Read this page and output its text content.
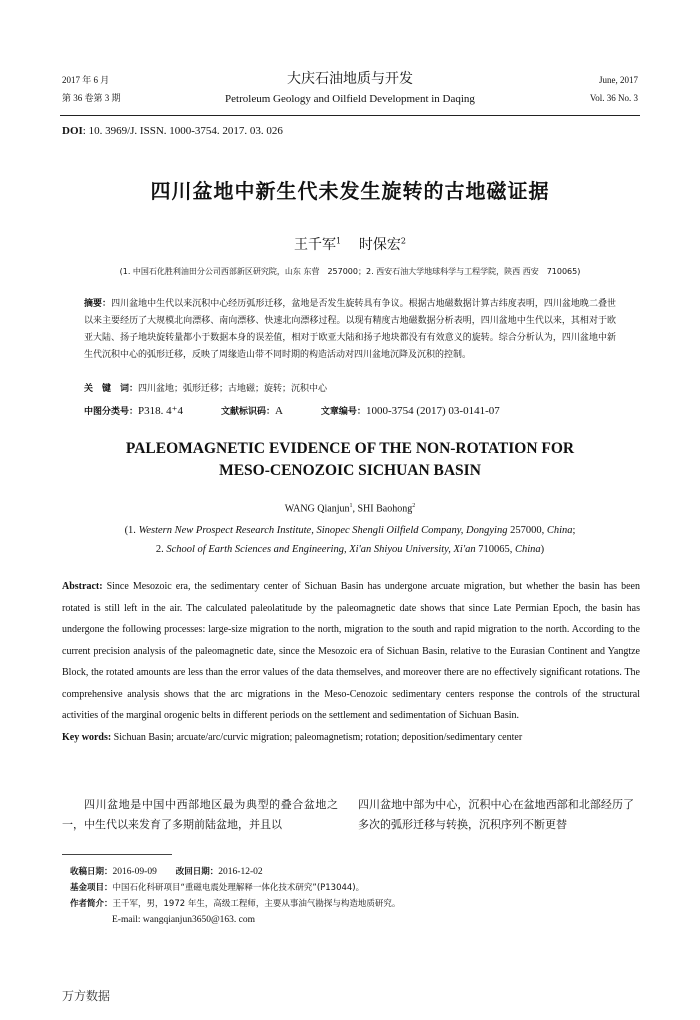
2017 年 6 月
第 36 卷第 3 期
大庆石油地质与开发
Petroleum Geology and Oilfield Development in Daqing
June, 2017
Vol. 36 No. 3
DOI: 10. 3969/J. ISSN. 1000-3754. 2017. 03. 026
四川盆地中新生代未发生旋转的古地磁证据
王千军$^1$ 时保宏$^2$
(1. 中国石化胜利油田分公司西部新区研究院，山东 东营　257000；2. 西安石油大学地球科学与工程学院，陕西 西安　710065)
摘要：四川盆地中生代以来沉积中心经历弧形迁移，盆地是否发生旋转具有争议。根据古地磁数据计算古纬度表明，四川盆地晚二叠世以来主要经历了大规模北向漂移、南向漂移、快速北向漂移过程。以现有精度古地磁数据分析表明，四川盆地中生代以来，其相对于欧亚大陆、扬子地块旋转量都小于数据本身的误差值，相对于欧亚大陆和扬子地块都没有有效意义的旋转。综合分析认为，四川盆地中新生代沉积中心的弧形迁移，反映了周缘造山带不同时期的构造活动对四川盆地沉降及沉积的控制。
关　键　词：四川盆地；弧形迁移；古地磁；旋转；沉积中心
中图分类号：P318. 4⁺4	文献标识码：A	文章编号：1000-3754 (2017) 03-0141-07
PALEOMAGNETIC EVIDENCE OF THE NON-ROTATION FOR
MESO-CENOZOIC SICHUAN BASIN
WANG Qianjun$^1$, SHI Baohong$^2$
(1. Western New Prospect Research Institute, Sinopec Shengli Oilfield Company, Dongying 257000, China;
2. School of Earth Sciences and Engineering, Xi'an Shiyou University, Xi'an 710065, China)
Abstract: Since Mesozoic era, the sedimentary center of Sichuan Basin has undergone arcuate migration, but whether the basin has been rotated is still left in the air. The calculated paleolatitude by the paleomagnetic date shows that since Late Permian Epoch, the basin has undergone the following processes: large-size migration to the north, migration to the south and rapid migration to the north. According to the current precision analysis of the paleomagnetic date, since the Mesozoic era of Sichuan Basin, relative to the Eurasian Continent and Yangtze Block, the rotated amounts are less than the error values of the data themselves, and moreover there are no effectively significant rotations. The comprehensive analysis shows that the arc migrations in the Meso-Cenozoic sedimentary centers response the controls of the structural activities of the marginal orogenic belts in different periods on the settlement and sedimentation of Sichuan Basin.
Key words: Sichuan Basin; arcuate/arc/curvic migration; paleomagnetism; rotation; deposition/sedimentary center
四川盆地是中国中西部地区最为典型的叠合盆地之一，中生代以来发育了多期前陆盆地，并且以
四川盆地中部为中心，沉积中心在盆地西部和北部经历了多次的弧形迁移与转换，沉积序列不断更替
收稿日期：2016-09-09 改回日期：2016-12-02
基金项目：中国石化科研项目“重磁电震处理解释一体化技术研究”(P13044)。
作者简介：王千军，男，1972 年生，高级工程师，主要从事油气勘探与构造地质研究。
E-mail: wangqianjun3650@163. com
万方数据
